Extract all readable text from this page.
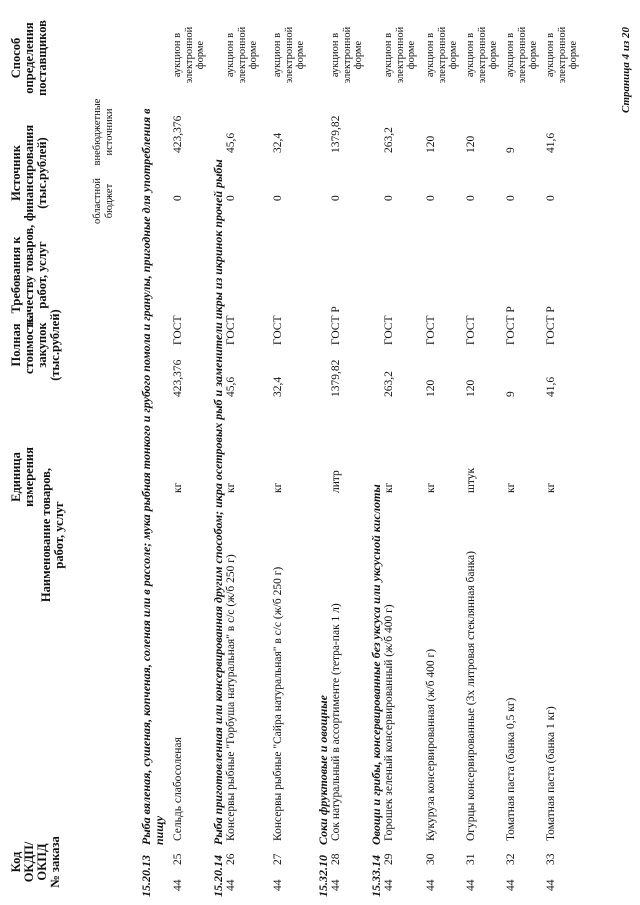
Код ОКДП/ ОКПД № заказа
Наименование товаров, работ, услуг
Единица измерения
Полная стоимость закупок (тыс.рублей)
Требования к качеству товаров, работ, услуг
Источник финансирования (тыс.рублей)	областной бюджет
внебюджетные источники
Способ определения поставщиков
15.20.13
Рыба вяленая, сушеная, копченая, соленая или в рассоле; мука рыбная тонкого и грубого помола и гранулы, пригодные для употребления в пищу
44
25
Сельдь слабосоленая
кг
423,376
ГОСТ
0
423,376
аукцион в электронной форме
15.20.14
Рыба приготовленная или консервированная другим способом; икра осетровых рыб и заменители икры из икринок прочей рыбы
44
26
Консервы рыбные "Горбуша натуральная" в с/с (ж/б 250 г)
кг
45,6
ГОСТ
0
45,6
аукцион в электронной форме
44
27
Консервы рыбные "Сайра натуральная" в с/с (ж/б 250 г)
кг
32,4
ГОСТ
0
32,4
аукцион в электронной форме
15.32.10
Соки фруктовые и овощные
44
28
Сок натуральный в ассортименте (тетра-пак 1 л)
литр
1379,82
ГОСТ Р
0
1379,82
аукцион в электронной форме
15.33.14
Овощи и грибы, консервированные без уксуса или уксусной кислоты
44
29
Горошек зеленый консервированный (ж/б 400 г)
кг
263,2
ГОСТ
0
263,2
аукцион в электронной форме
44
30
Кукуруза консервированная (ж/б 400 г)
кг
120
ГОСТ
0
120
аукцион в электронной форме
44
31
Огурцы консервированные (3х литровая стеклянная банка)
штук
120
ГОСТ
0
120
аукцион в электронной форме
44
32
Томатная паста (банка 0,5 кг)
кг
9
ГОСТ Р
0
9
аукцион в электронной форме
44
33
Томатная паста (банка 1 кг)
кг
41,6
ГОСТ Р
0
41,6
аукцион в электронной форме	Страница 4 из 20
